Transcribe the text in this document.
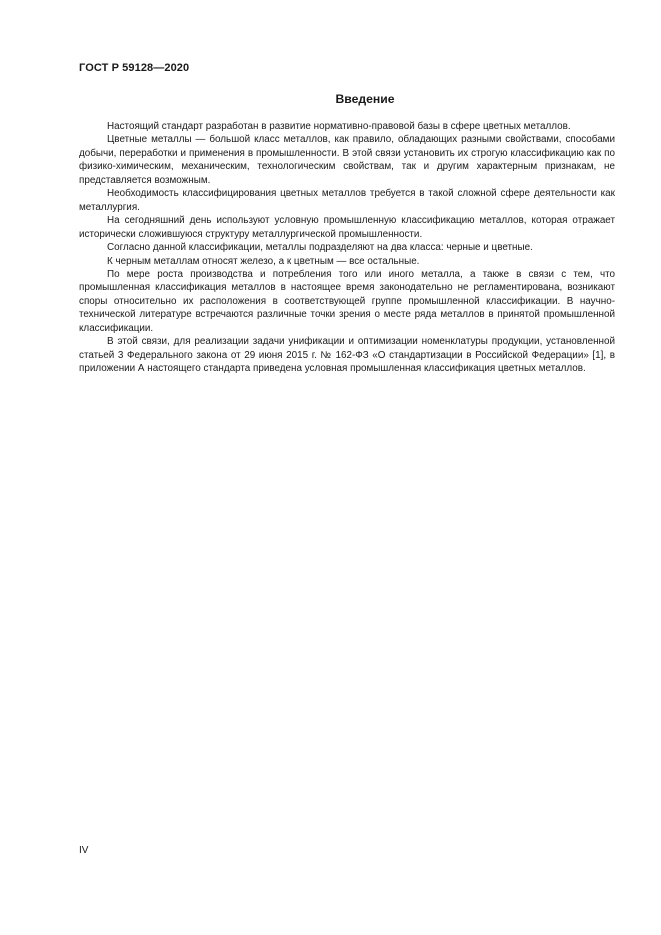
ГОСТ Р 59128—2020
Введение

Настоящий стандарт разработан в развитие нормативно-правовой базы в сфере цветных металлов.

Цветные металлы — большой класс металлов, как правило, обладающих разными свойствами, способами добычи, переработки и применения в промышленности. В этой связи установить их строгую классификацию как по физико-химическим, механическим, технологическим свойствам, так и другим характерным признакам, не представляется возможным.

Необходимость классифицирования цветных металлов требуется в такой сложной сфере деятельности как металлургия.

На сегодняшний день используют условную промышленную классификацию металлов, которая отражает исторически сложившуюся структуру металлургической промышленности.

Согласно данной классификации, металлы подразделяют на два класса: черные и цветные.

К черным металлам относят железо, а к цветным — все остальные.

По мере роста производства и потребления того или иного металла, а также в связи с тем, что промышленная классификация металлов в настоящее время законодательно не регламентирована, возникают споры относительно их расположения в соответствующей группе промышленной классификации. В научно-технической литературе встречаются различные точки зрения о месте ряда металлов в принятой промышленной классификации.

В этой связи, для реализации задачи унификации и оптимизации номенклатуры продукции, установленной статьей 3 Федерального закона от 29 июня 2015 г. № 162-ФЗ «О стандартизации в Российской Федерации» [1], в приложении А настоящего стандарта приведена условная промышленная классификация цветных металлов.

IV
